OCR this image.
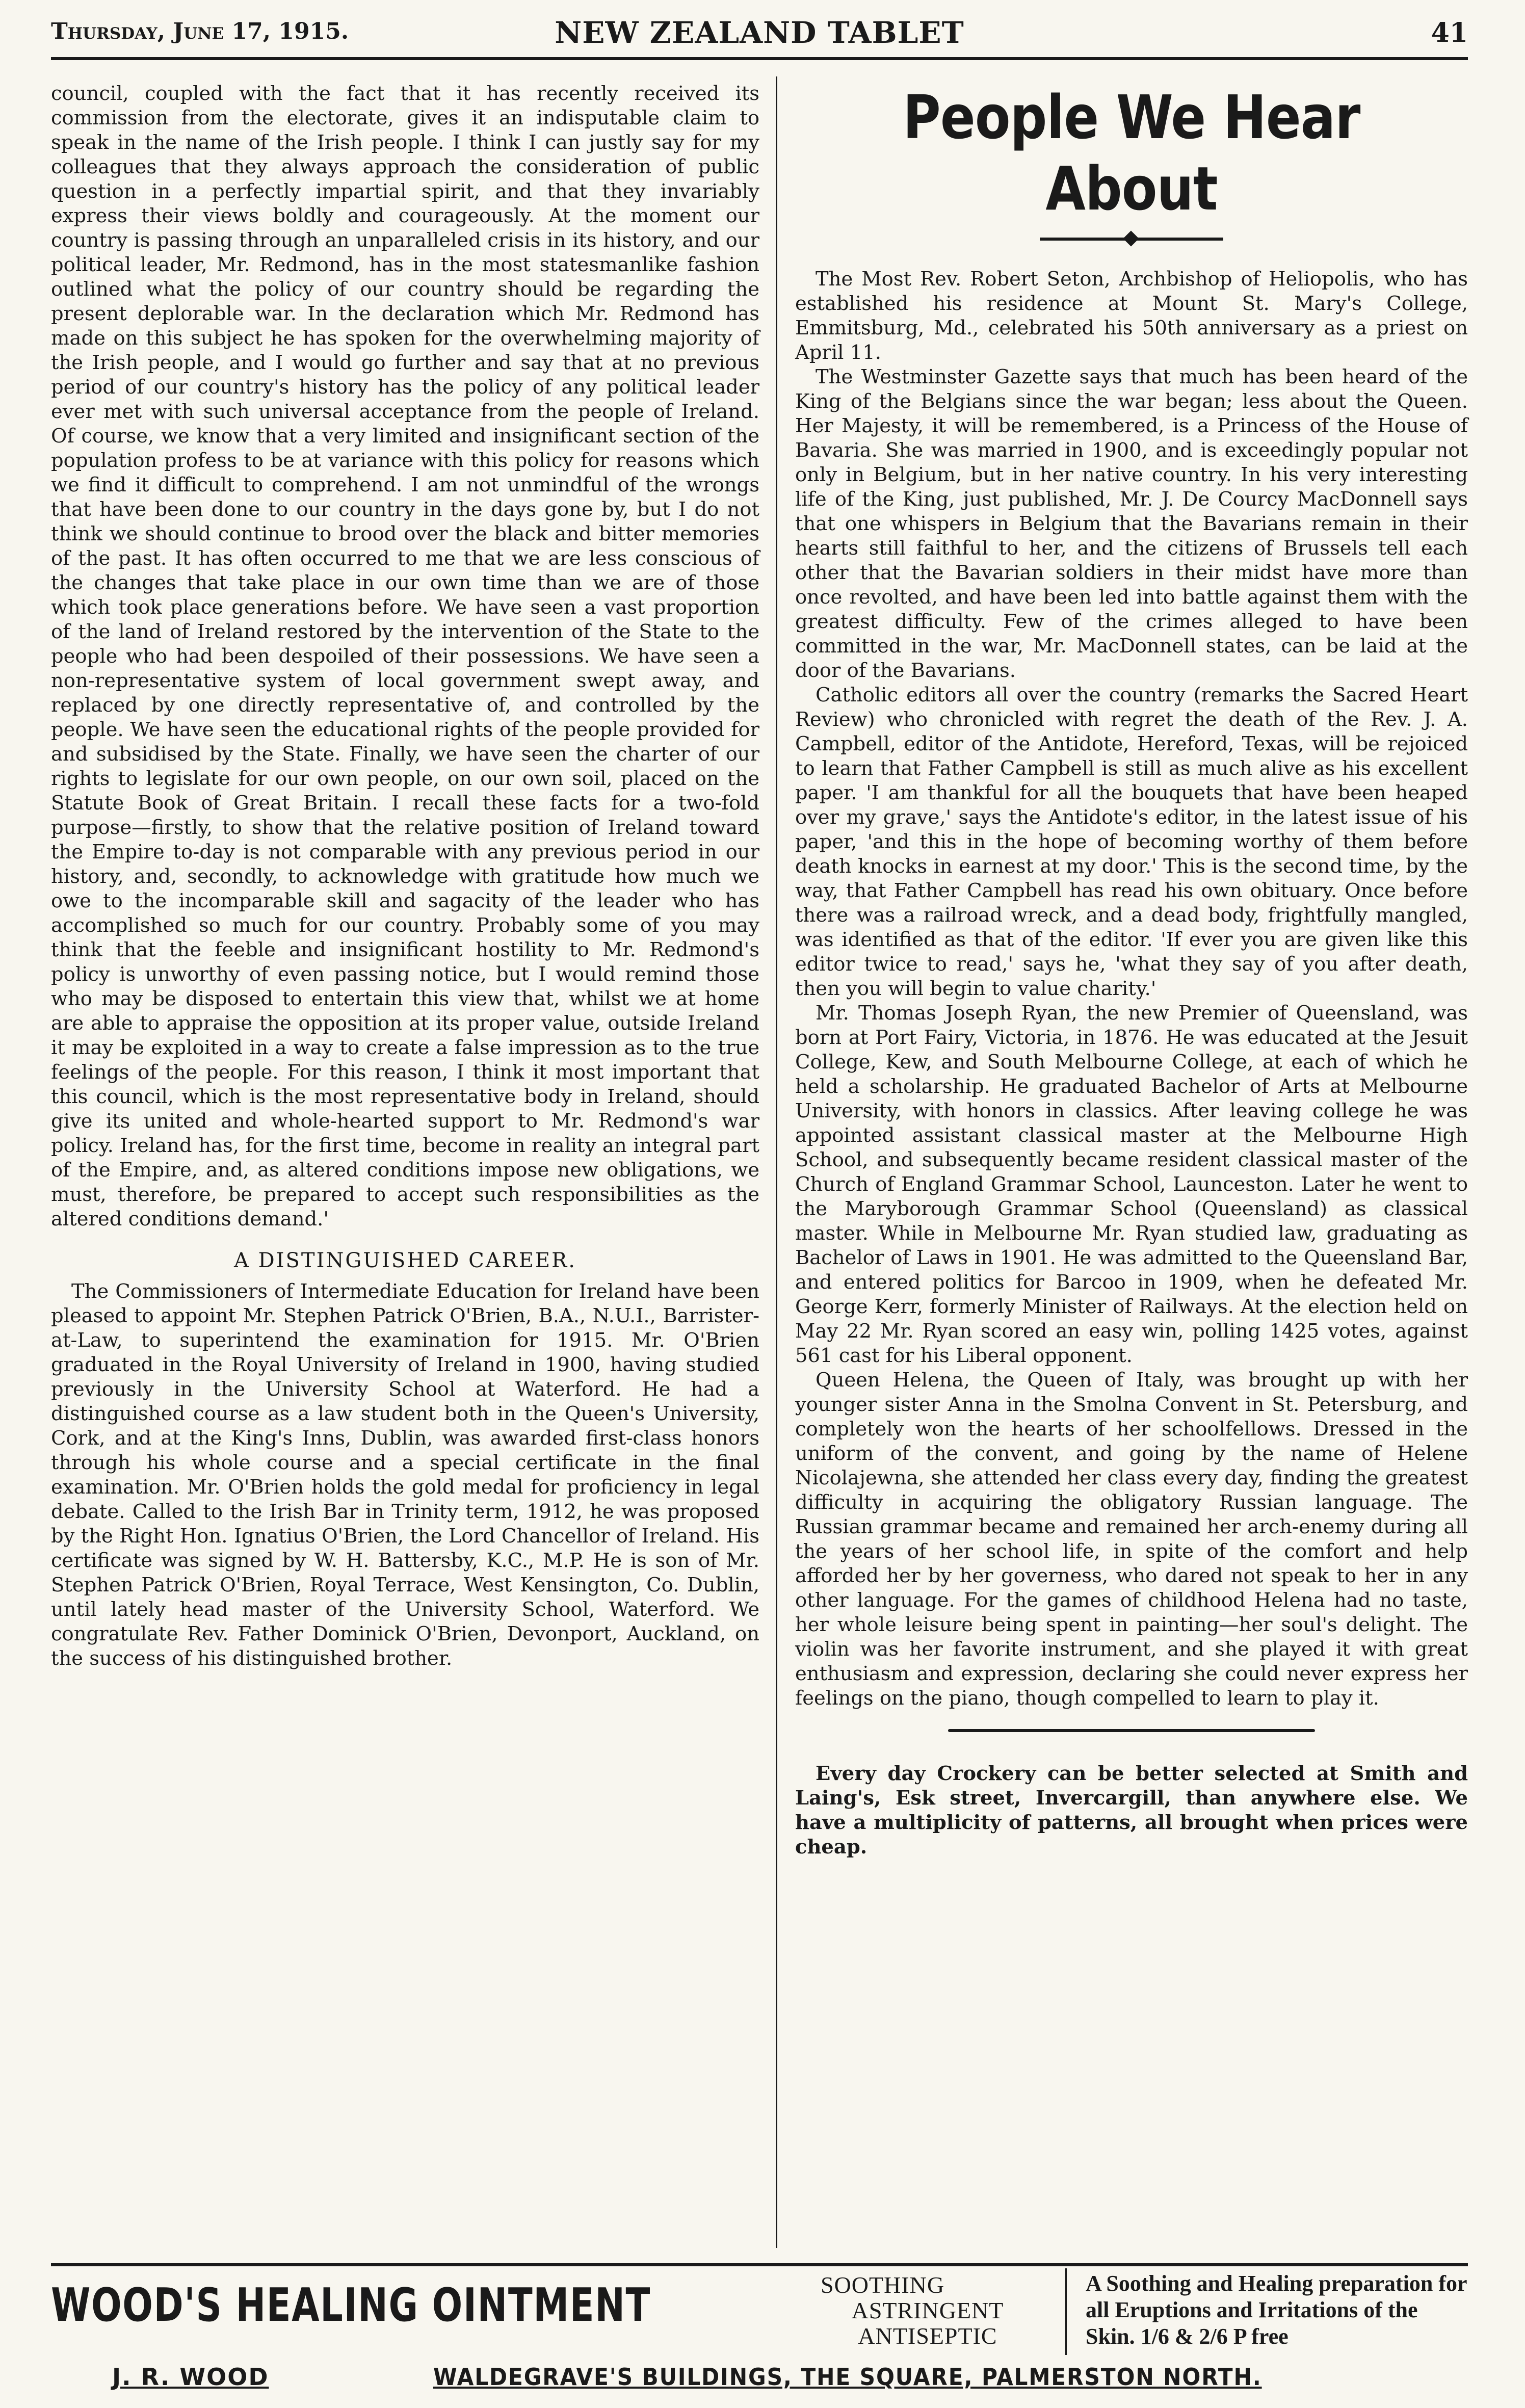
Thursday, June 17, 1915.	NEW ZEALAND TABLET	41

council, coupled with the fact that it has recently received its commission from the electorate, gives it an indisputable claim to speak in the name of the Irish people. I think I can justly say for my colleagues that they always approach the consideration of public question in a perfectly impartial spirit, and that they invariably express their views boldly and courageously. At the moment our country is passing through an unparalleled crisis in its history, and our political leader, Mr. Redmond, has in the most statesmanlike fashion outlined what the policy of our country should be regarding the present deplorable war. In the declaration which Mr. Redmond has made on this subject he has spoken for the overwhelming majority of the Irish people, and I would go further and say that at no previous period of our country's history has the policy of any political leader ever met with such universal acceptance from the people of Ireland. Of course, we know that a very limited and insignificant section of the population profess to be at variance with this policy for reasons which we find it difficult to comprehend. I am not unmindful of the wrongs that have been done to our country in the days gone by, but I do not think we should continue to brood over the black and bitter memories of the past. It has often occurred to me that we are less conscious of the changes that take place in our own time than we are of those which took place generations before. We have seen a vast proportion of the land of Ireland restored by the intervention of the State to the people who had been despoiled of their possessions. We have seen a non-representative system of local government swept away, and replaced by one directly representative of, and controlled by the people. We have seen the educational rights of the people provided for and subsidised by the State. Finally, we have seen the charter of our rights to legislate for our own people, on our own soil, placed on the Statute Book of Great Britain. I recall these facts for a two-fold purpose—firstly, to show that the relative position of Ireland toward the Empire to-day is not comparable with any previous period in our history, and, secondly, to acknowledge with gratitude how much we owe to the incomparable skill and sagacity of the leader who has accomplished so much for our country. Probably some of you may think that the feeble and insignificant hostility to Mr. Redmond's policy is unworthy of even passing notice, but I would remind those who may be disposed to entertain this view that, whilst we at home are able to appraise the opposition at its proper value, outside Ireland it may be exploited in a way to create a false impression as to the true feelings of the people. For this reason, I think it most important that this council, which is the most representative body in Ireland, should give its united and whole-hearted support to Mr. Redmond's war policy. Ireland has, for the first time, become in reality an integral part of the Empire, and, as altered conditions impose new obligations, we must, therefore, be prepared to accept such responsibilities as the altered conditions demand.'

A DISTINGUISHED CAREER.

The Commissioners of Intermediate Education for Ireland have been pleased to appoint Mr. Stephen Patrick O'Brien, B.A., N.U.I., Barrister-at-Law, to superintend the examination for 1915. Mr. O'Brien graduated in the Royal University of Ireland in 1900, having studied previously in the University School at Waterford. He had a distinguished course as a law student both in the Queen's University, Cork, and at the King's Inns, Dublin, was awarded first-class honors through his whole course and a special certificate in the final examination. Mr. O'Brien holds the gold medal for proficiency in legal debate. Called to the Irish Bar in Trinity term, 1912, he was proposed by the Right Hon. Ignatius O'Brien, the Lord Chancellor of Ireland. His certificate was signed by W. H. Battersby, K.C., M.P. He is son of Mr. Stephen Patrick O'Brien, Royal Terrace, West Kensington, Co. Dublin, until lately head master of the University School, Waterford. We congratulate Rev. Father Dominick O'Brien, Devonport, Auckland, on the success of his distinguished brother.

People We Hear About

The Most Rev. Robert Seton, Archbishop of Heliopolis, who has established his residence at Mount St. Mary's College, Emmitsburg, Md., celebrated his 50th anniversary as a priest on April 11.

The Westminster Gazette says that much has been heard of the King of the Belgians since the war began; less about the Queen. Her Majesty, it will be remembered, is a Princess of the House of Bavaria. She was married in 1900, and is exceedingly popular not only in Belgium, but in her native country. In his very interesting life of the King, just published, Mr. J. De Courcy MacDonnell says that one whispers in Belgium that the Bavarians remain in their hearts still faithful to her, and the citizens of Brussels tell each other that the Bavarian soldiers in their midst have more than once revolted, and have been led into battle against them with the greatest difficulty. Few of the crimes alleged to have been committed in the war, Mr. MacDonnell states, can be laid at the door of the Bavarians.

Catholic editors all over the country (remarks the Sacred Heart Review) who chronicled with regret the death of the Rev. J. A. Campbell, editor of the Antidote, Hereford, Texas, will be rejoiced to learn that Father Campbell is still as much alive as his excellent paper. 'I am thankful for all the bouquets that have been heaped over my grave,' says the Antidote's editor, in the latest issue of his paper, 'and this in the hope of becoming worthy of them before death knocks in earnest at my door.' This is the second time, by the way, that Father Campbell has read his own obituary. Once before there was a railroad wreck, and a dead body, frightfully mangled, was identified as that of the editor. 'If ever you are given like this editor twice to read,' says he, 'what they say of you after death, then you will begin to value charity.'

Mr. Thomas Joseph Ryan, the new Premier of Queensland, was born at Port Fairy, Victoria, in 1876. He was educated at the Jesuit College, Kew, and South Melbourne College, at each of which he held a scholarship. He graduated Bachelor of Arts at Melbourne University, with honors in classics. After leaving college he was appointed assistant classical master at the Melbourne High School, and subsequently became resident classical master of the Church of England Grammar School, Launceston. Later he went to the Maryborough Grammar School (Queensland) as classical master. While in Melbourne Mr. Ryan studied law, graduating as Bachelor of Laws in 1901. He was admitted to the Queensland Bar, and entered politics for Barcoo in 1909, when he defeated Mr. George Kerr, formerly Minister of Railways. At the election held on May 22 Mr. Ryan scored an easy win, polling 1425 votes, against 561 cast for his Liberal opponent.

Queen Helena, the Queen of Italy, was brought up with her younger sister Anna in the Smolna Convent in St. Petersburg, and completely won the hearts of her schoolfellows. Dressed in the uniform of the convent, and going by the name of Helene Nicolajewna, she attended her class every day, finding the greatest difficulty in acquiring the obligatory Russian language. The Russian grammar became and remained her arch-enemy during all the years of her school life, in spite of the comfort and help afforded her by her governess, who dared not speak to her in any other language. For the games of childhood Helena had no taste, her whole leisure being spent in painting—her soul's delight. The violin was her favorite instrument, and she played it with great enthusiasm and expression, declaring she could never express her feelings on the piano, though compelled to learn to play it.

Every day Crockery can be better selected at Smith and Laing's, Esk street, Invercargill, than anywhere else. We have a multiplicity of patterns, all brought when prices were cheap.

WOOD'S HEALING OINTMENT	SOOTHING
ASTRINGENT
ANTISEPTIC
A Soothing and Healing preparation for all Eruptions and Irritations of the Skin. 1/6 & 2/6 P free
J. R. WOOD	WALDEGRAVE'S BUILDINGS, THE SQUARE, PALMERSTON NORTH.
